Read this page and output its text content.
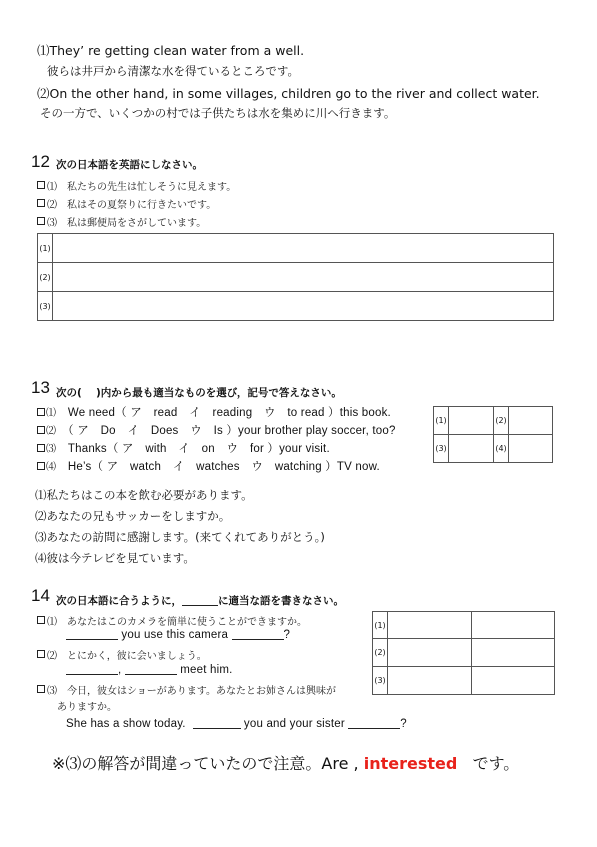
⑴They’ re getting clean water from a well.
彼らは井戸から清潔な水を得ているところです。
⑵On the other hand, in some villages, children go to the river and collect water.
その一方で、いくつかの村では子供たちは水を集めに川へ行きます。
12 次の日本語を英語にしなさい。
⑴　 私たちの先生は忙しそうに見えます。
⑵　 私はその夏祭りに行きたいです。
⑶　 私は郵便局をさがしています。
(1)	
(2)	
(3)	
13 次の(　 )内から最も適当なものを選び，記号で答えなさい。
⑴　 We need（ ア　read　イ　reading　ウ　to read ）this book.
⑵　 （ ア　Do　イ　Does　ウ　Is ）your brother play soccer, too?
⑶　 Thanks（ ア　with　イ　on　ウ　for ）your visit.
⑷　 He’s（ ア　watch　イ　watches　ウ　watching ）TV now.
(1)		(2)	
(3)		(4)	
⑴私たちはこの本を飲む必要があります。
⑵あなたの兄もサッカーをしますか。
⑶あなたの訪問に感謝します。(来てくれてありがとう。)
⑷彼は今テレビを見ています。
14 次の日本語に合うように，	に適当な語を書きなさい。
⑴　 あなたはこのカメラを簡単に使うことができますか。
you use this camera	?
⑵　 とにかく，彼に会いましょう。
,	meet him.
⑶　 今日，彼女はショーがあります。あなたとお姉さんは興味が
ありますか。
She has a show today.	you and your sister	?
(1)		
(2)		
(3)		
※⑶の解答が間違っていたので注意。Are , interested です。
